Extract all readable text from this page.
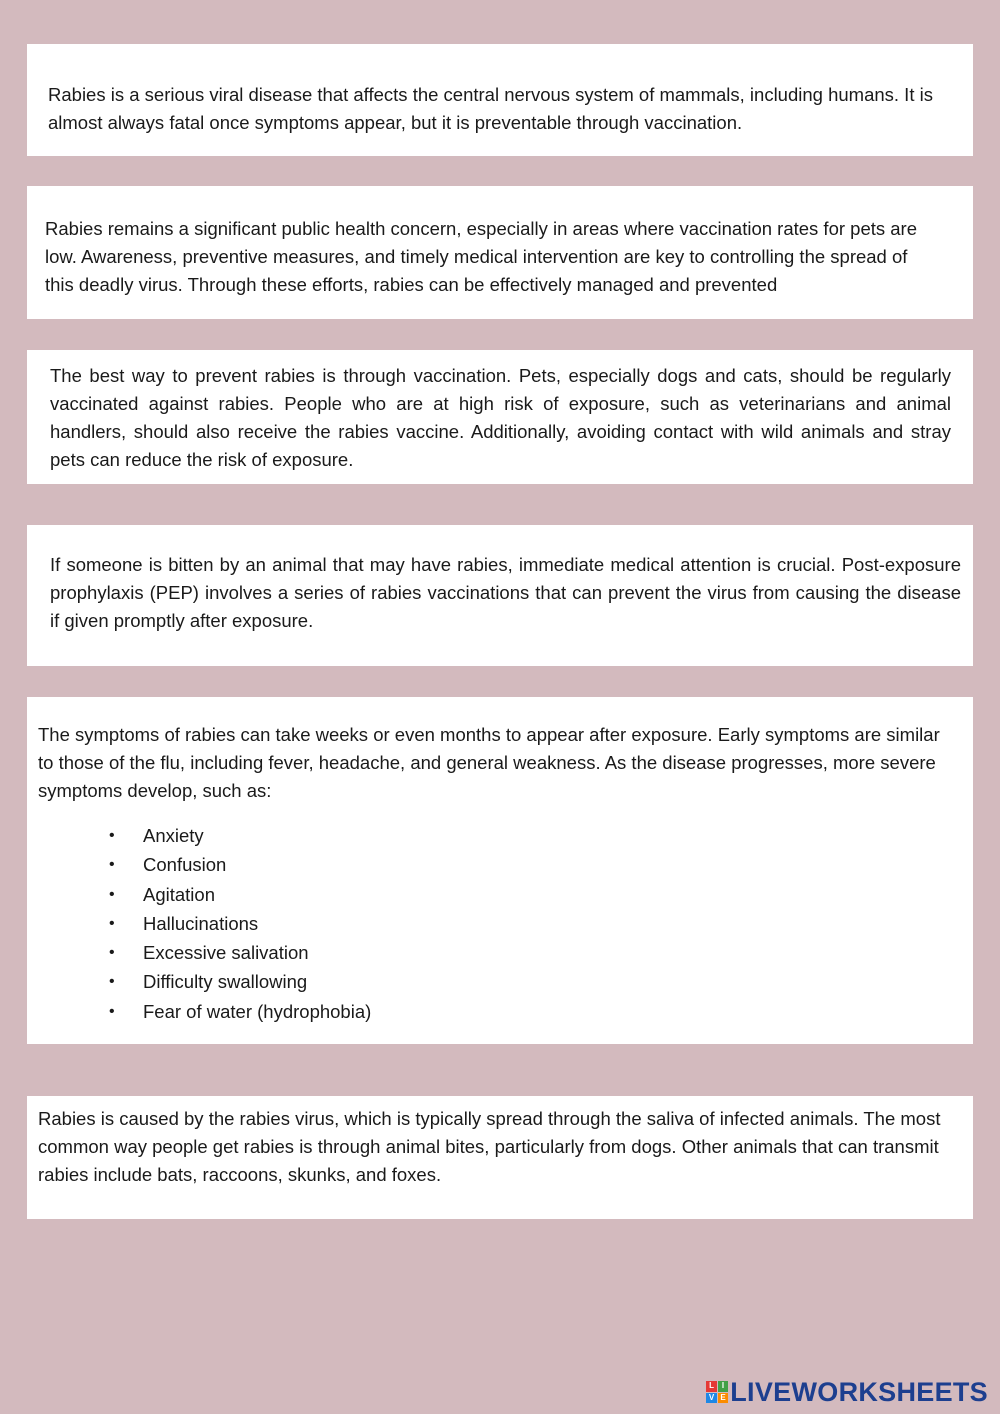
Rabies is a serious viral disease that affects the central nervous system of mammals, including humans. It is almost always fatal once symptoms appear, but it is preventable through vaccination.

Rabies remains a significant public health concern, especially in areas where vaccination rates for pets are low. Awareness, preventive measures, and timely medical intervention are key to controlling the spread of this deadly virus. Through these efforts, rabies can be effectively managed and prevented

The best way to prevent rabies is through vaccination. Pets, especially dogs and cats, should be regularly vaccinated against rabies. People who are at high risk of exposure, such as veterinarians and animal handlers, should also receive the rabies vaccine. Additionally, avoiding contact with wild animals and stray pets can reduce the risk of exposure.

If someone is bitten by an animal that may have rabies, immediate medical attention is crucial. Post-exposure prophylaxis (PEP) involves a series of rabies vaccinations that can prevent the virus from causing the disease if given promptly after exposure.

The symptoms of rabies can take weeks or even months to appear after exposure. Early symptoms are similar to those of the flu, including fever, headache, and general weakness. As the disease progresses, more severe symptoms develop, such as:

• Anxiety
• Confusion
• Agitation
• Hallucinations
• Excessive salivation
• Difficulty swallowing
• Fear of water (hydrophobia)

Rabies is caused by the rabies virus, which is typically spread through the saliva of infected animals. The most common way people get rabies is through animal bites, particularly from dogs. Other animals that can transmit rabies include bats, raccoons, skunks, and foxes.

L I
V E LIVEWORKSHEETS
